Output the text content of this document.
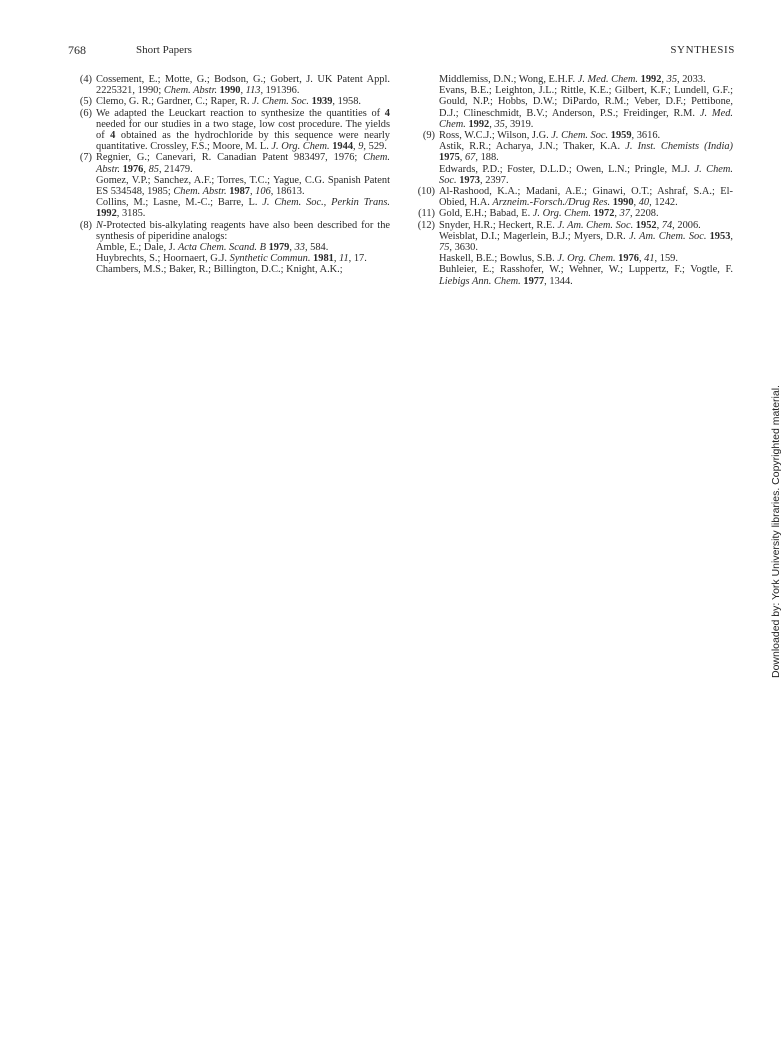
768	Short Papers	SYNTHESIS
(4) Cossement, E.; Motte, G.; Bodson, G.; Gobert, J. UK Patent Appl. 2225321, 1990; Chem. Abstr. 1990, 113, 191396.
(5) Clemo, G. R.; Gardner, C.; Raper, R. J. Chem. Soc. 1939, 1958.
(6) We adapted the Leuckart reaction to synthesize the quantities of 4 needed for our studies in a two stage, low cost procedure. The yields of 4 obtained as the hydrochloride by this sequence were nearly quantitative. Crossley, F.S.; Moore, M. L. J. Org. Chem. 1944, 9, 529.
(7) Regnier, G.; Canevari, R. Canadian Patent 983497, 1976; Chem. Abstr. 1976, 85, 21479.
Gomez, V.P.; Sanchez, A.F.; Torres, T.C.; Yague, C.G. Spanish Patent ES 534548, 1985; Chem. Abstr. 1987, 106, 18613.
Collins, M.; Lasne, M.-C.; Barre, L. J. Chem. Soc., Perkin Trans. 1992, 3185.
(8) N-Protected bis-alkylating reagents have also been described for the synthesis of piperidine analogs:
Amble, E.; Dale, J. Acta Chem. Scand. B 1979, 33, 584.
Huybrechts, S.; Hoornaert, G.J. Synthetic Commun. 1981, 11, 17.
Chambers, M.S.; Baker, R.; Billington, D.C.; Knight, A.K.;
Middlemiss, D.N.; Wong, E.H.F. J. Med. Chem. 1992, 35, 2033.
Evans, B.E.; Leighton, J.L.; Rittle, K.E.; Gilbert, K.F.; Lundell, G.F.; Gould, N.P.; Hobbs, D.W.; DiPardo, R.M.; Veber, D.F.; Pettibone, D.J.; Clineschmidt, B.V.; Anderson, P.S.; Freidinger, R.M. J. Med. Chem. 1992, 35, 3919.
(9) Ross, W.C.J.; Wilson, J.G. J. Chem. Soc. 1959, 3616.
Astik, R.R.; Acharya, J.N.; Thaker, K.A. J. Inst. Chemists (India) 1975, 67, 188.
Edwards, P.D.; Foster, D.L.D.; Owen, L.N.; Pringle, M.J. J. Chem. Soc. 1973, 2397.
(10) Al-Rashood, K.A.; Madani, A.E.; Ginawi, O.T.; Ashraf, S.A.; El-Obied, H.A. Arzneim.-Forsch./Drug Res. 1990, 40, 1242.
(11) Gold, E.H.; Babad, E. J. Org. Chem. 1972, 37, 2208.
(12) Snyder, H.R.; Heckert, R.E. J. Am. Chem. Soc. 1952, 74, 2006.
Weisblat, D.I.; Magerlein, B.J.; Myers, D.R. J. Am. Chem. Soc. 1953, 75, 3630.
Haskell, B.E.; Bowlus, S.B. J. Org. Chem. 1976, 41, 159.
Buhleier, E.; Rasshofer, W.; Wehner, W.; Luppertz, F.; Vogtle, F. Liebigs Ann. Chem. 1977, 1344.
Downloaded by: York University libraries. Copyrighted material.
